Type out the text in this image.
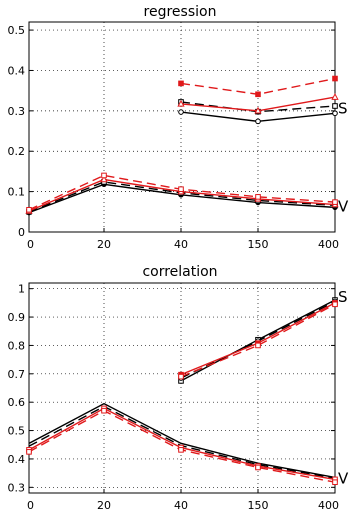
regression
0
0.1
0.2
0.3
0.4
0.5
0	20	40	150	400
S
V
correlation
0.3
0.4
0.5
0.6
0.7
0.8
0.9
1
0	20	40	150	400
S
V
